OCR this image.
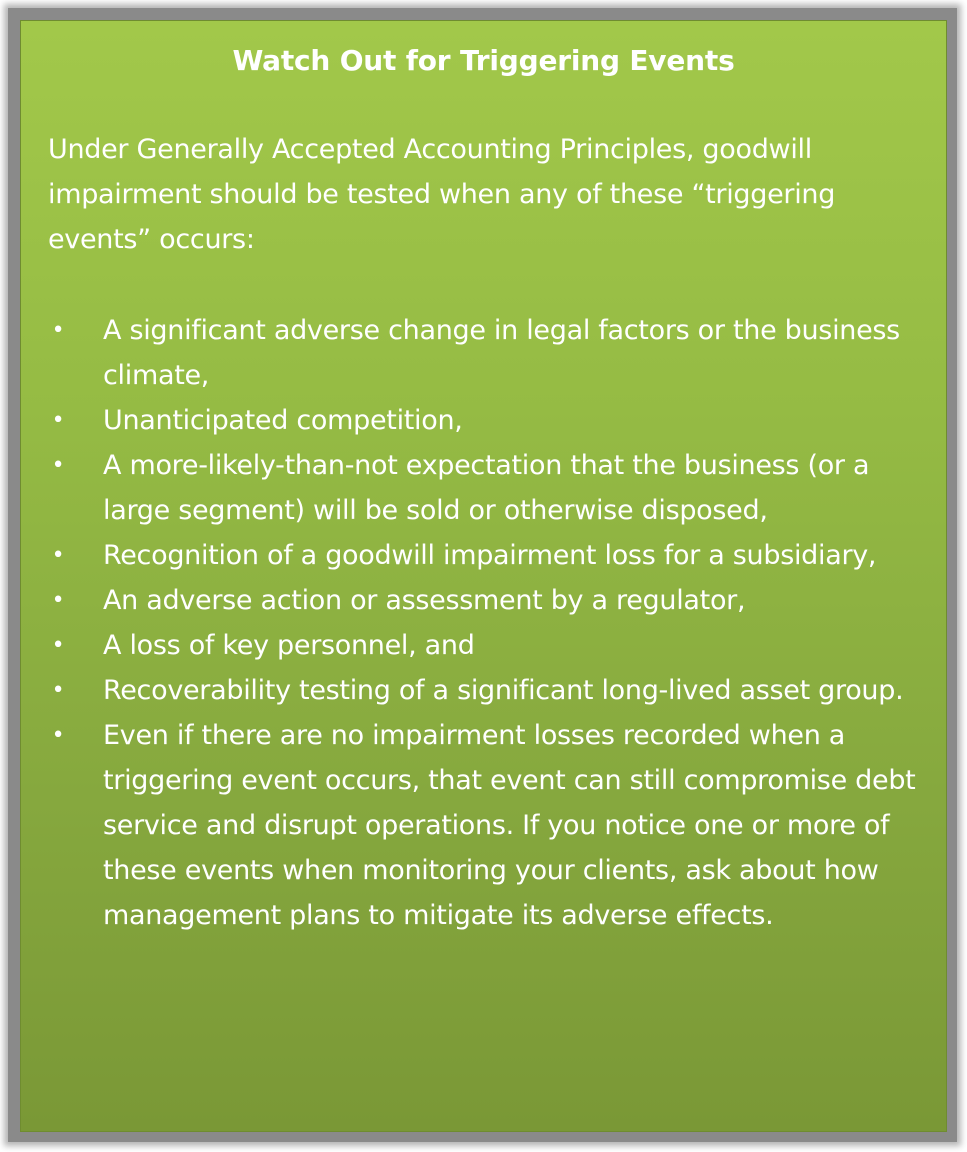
Watch Out for Triggering Events

Under Generally Accepted Accounting Principles, goodwill impairment should be tested when any of these “triggering events” occurs:

• A significant adverse change in legal factors or the business climate,
• Unanticipated competition,
• A more-likely-than-not expectation that the business (or a large segment) will be sold or otherwise disposed,
• Recognition of a goodwill impairment loss for a subsidiary,
• An adverse action or assessment by a regulator,
• A loss of key personnel, and
• Recoverability testing of a significant long-lived asset group.
• Even if there are no impairment losses recorded when a triggering event occurs, that event can still compromise debt service and disrupt operations. If you notice one or more of these events when monitoring your clients, ask about how management plans to mitigate its adverse effects.
